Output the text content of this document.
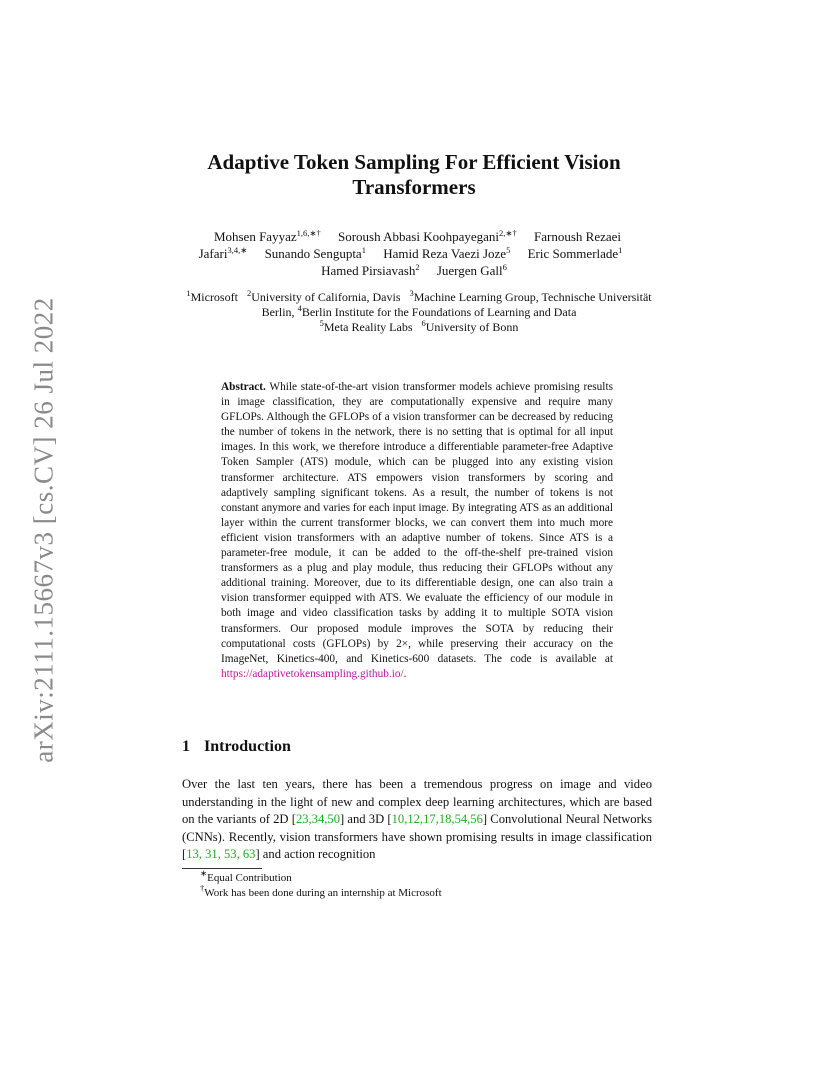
arXiv:2111.15667v3 [cs.CV] 26 Jul 2022
Adaptive Token Sampling For Efficient Vision Transformers
Mohsen Fayyaz$^{1,6,∗\dagger}$ Soroush Abbasi Koohpayegani$^{2,∗\dagger}$ Farnoush Rezaei Jafari$^{3,4,∗}$ Sunando Sengupta$^1$ Hamid Reza Vaezi Joze$^5$ Eric Sommerlade$^1$ Hamed Pirsiavash$^2$ Juergen Gall$^6$
$^1$Microsoft $^2$University of California, Davis $^3$Machine Learning Group, Technische Universität Berlin, $^4$Berlin Institute for the Foundations of Learning and Data
$^5$Meta Reality Labs $^6$University of Bonn
Abstract. While state-of-the-art vision transformer models achieve promising results in image classification, they are computationally expensive and require many GFLOPs. Although the GFLOPs of a vision transformer can be decreased by reducing the number of tokens in the network, there is no setting that is optimal for all input images. In this work, we therefore introduce a differentiable parameter-free Adaptive Token Sampler (ATS) module, which can be plugged into any existing vision transformer architecture. ATS empowers vision transformers by scoring and adaptively sampling significant tokens. As a result, the number of tokens is not constant anymore and varies for each input image. By integrating ATS as an additional layer within the current transformer blocks, we can convert them into much more efficient vision transformers with an adaptive number of tokens. Since ATS is a parameter-free module, it can be added to the off-the-shelf pre-trained vision transformers as a plug and play module, thus reducing their GFLOPs without any additional training. Moreover, due to its differentiable design, one can also train a vision transformer equipped with ATS. We evaluate the efficiency of our module in both image and video classification tasks by adding it to multiple SOTA vision transformers. Our proposed module improves the SOTA by reducing their computational costs (GFLOPs) by 2×, while preserving their accuracy on the ImageNet, Kinetics-400, and Kinetics-600 datasets. The code is available at https://adaptivetokensampling.github.io/.
1 Introduction
Over the last ten years, there has been a tremendous progress on image and video understanding in the light of new and complex deep learning architectures, which are based on the variants of 2D [23,34,50] and 3D [10,12,17,18,54,56] Convolutional Neural Networks (CNNs). Recently, vision transformers have shown promising results in image classification [13, 31, 53, 63] and action recognition
∗Equal Contribution
†Work has been done during an internship at Microsoft
